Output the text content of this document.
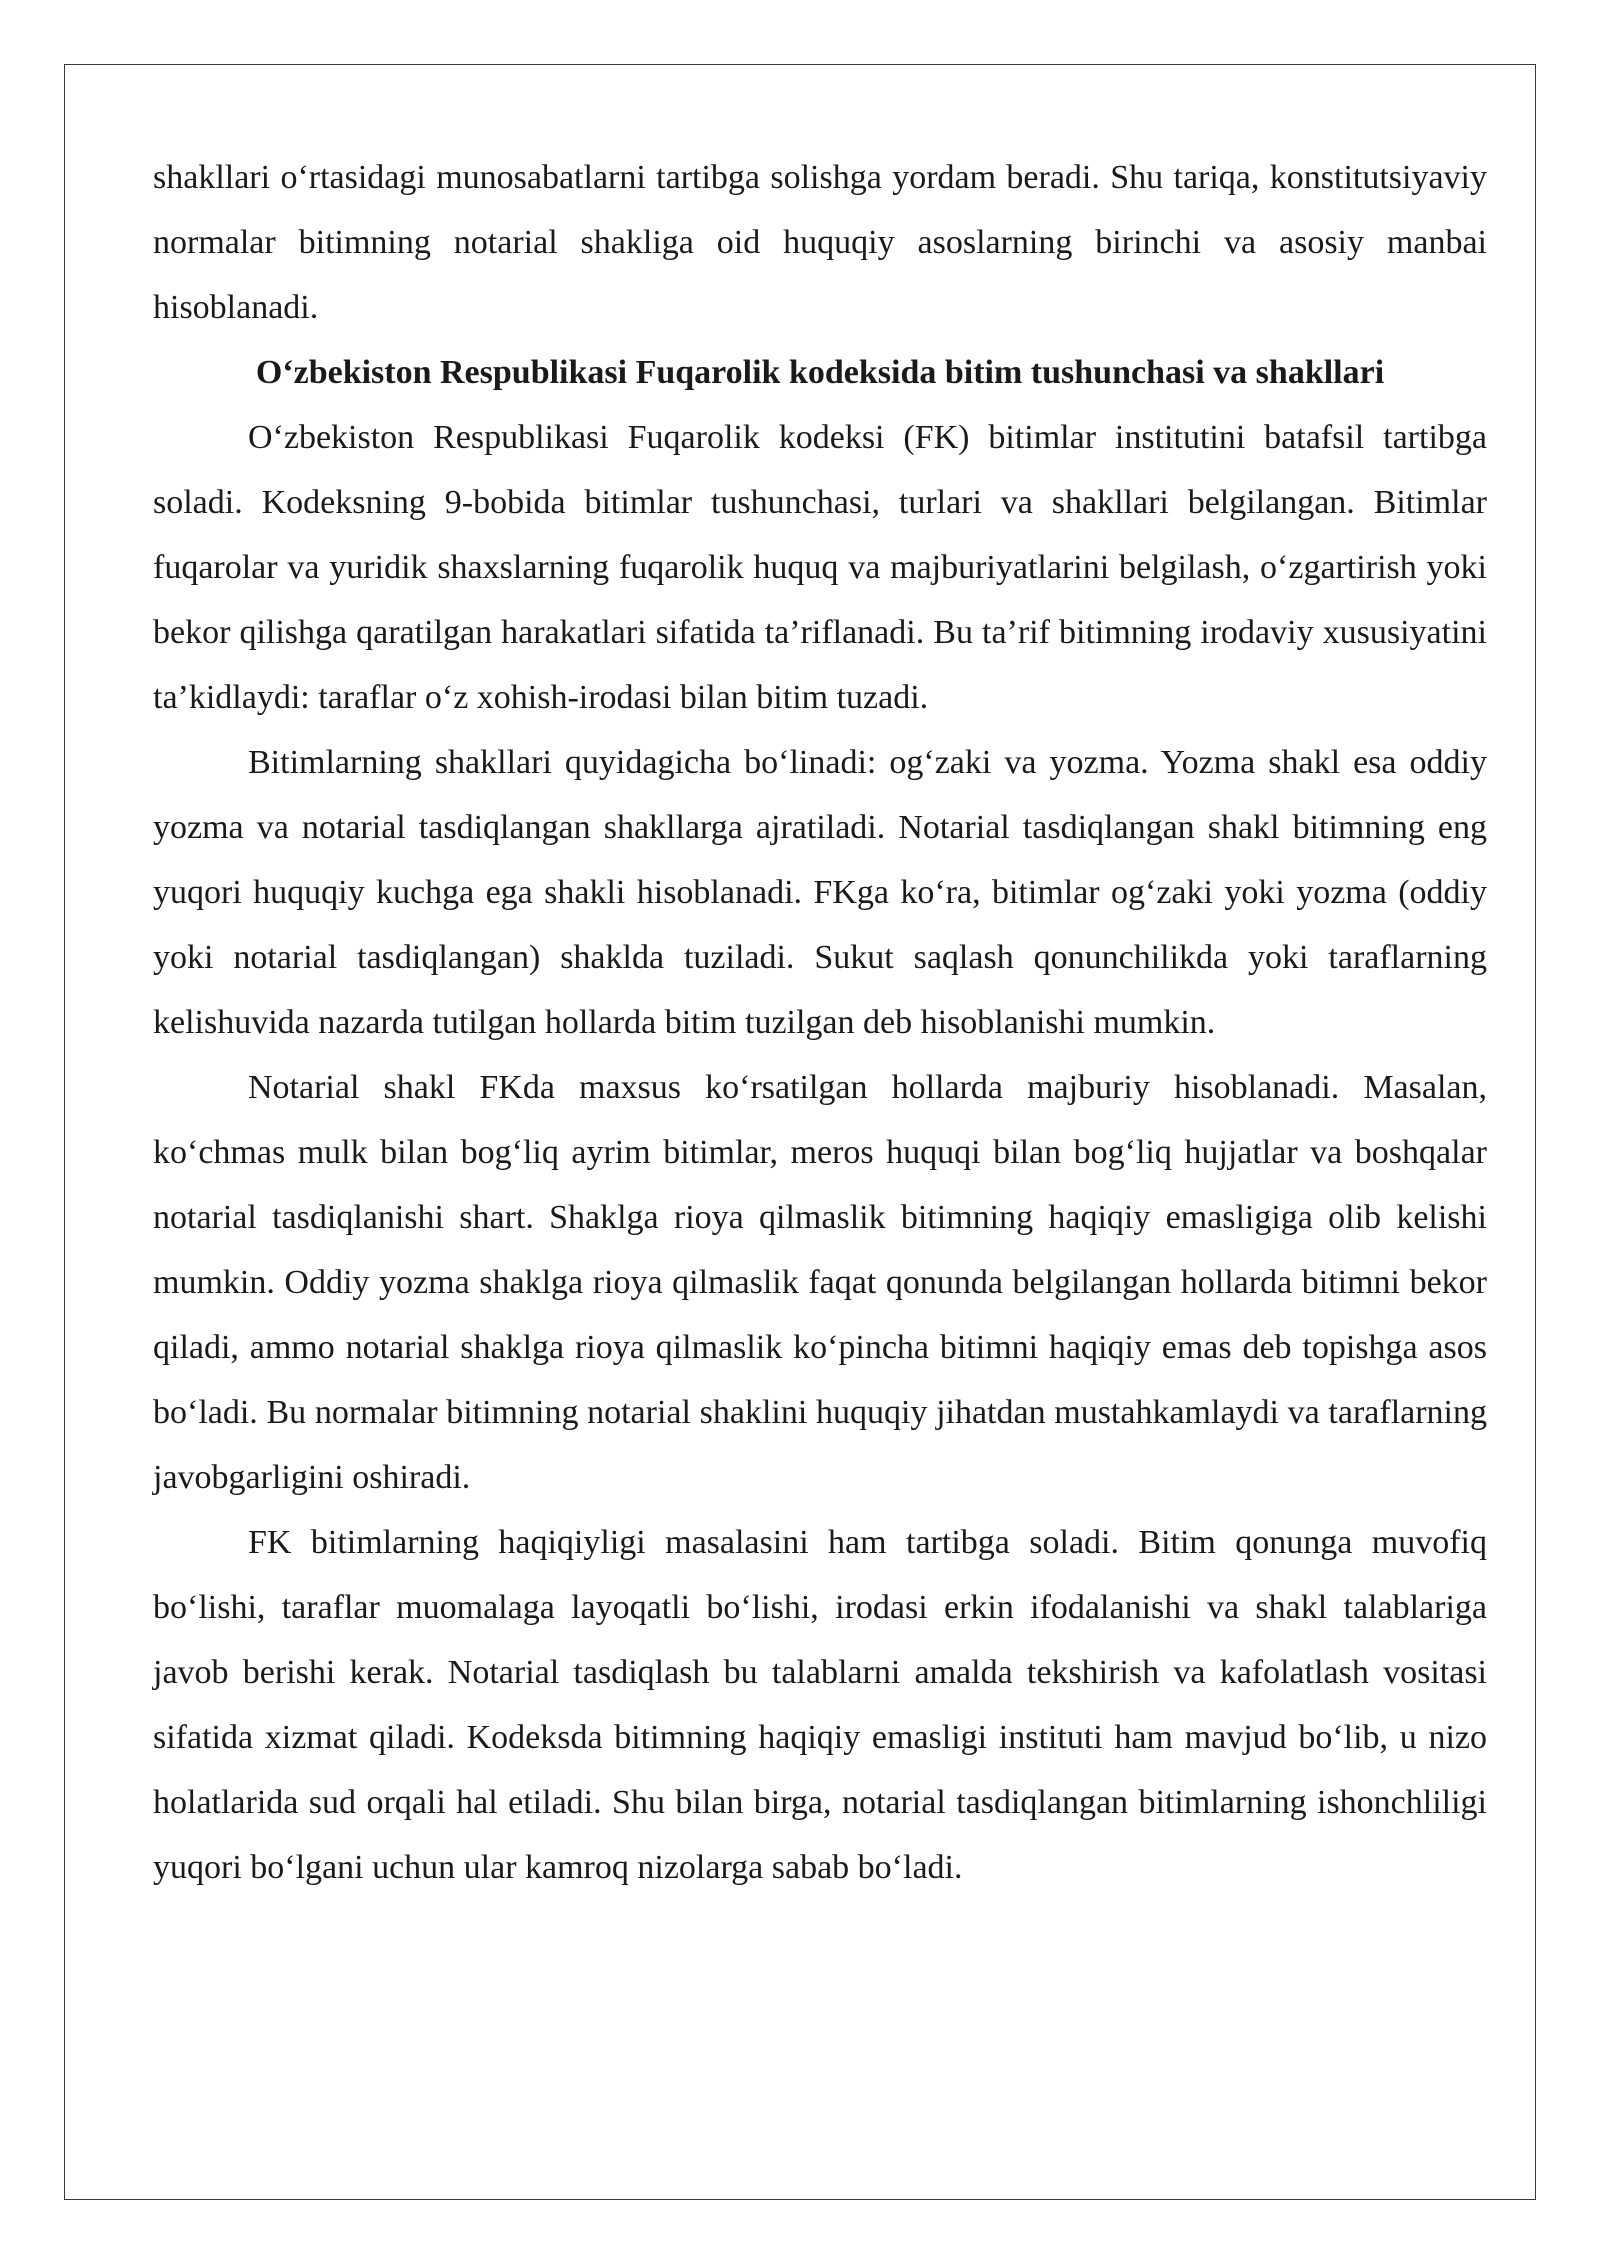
shakllari o‘rtasidagi munosabatlarni tartibga solishga yordam beradi. Shu tariqa, konstitutsiyaviy normalar bitimning notarial shakliga oid huquqiy asoslarning birinchi va asosiy manbai hisoblanadi.

O‘zbekiston Respublikasi Fuqarolik kodeksida bitim tushunchasi va shakllari

O‘zbekiston Respublikasi Fuqarolik kodeksi (FK) bitimlar institutini batafsil tartibga soladi. Kodeksning 9-bobida bitimlar tushunchasi, turlari va shakllari belgilangan. Bitimlar fuqarolar va yuridik shaxslarning fuqarolik huquq va majburiyatlarini belgilash, o‘zgartirish yoki bekor qilishga qaratilgan harakatlari sifatida ta’riflanadi. Bu ta’rif bitimning irodaviy xususiyatini ta’kidlaydi: taraflar o‘z xohish-irodasi bilan bitim tuzadi.

Bitimlarning shakllari quyidagicha bo‘linadi: og‘zaki va yozma. Yozma shakl esa oddiy yozma va notarial tasdiqlangan shakllarga ajratiladi. Notarial tasdiqlangan shakl bitimning eng yuqori huquqiy kuchga ega shakli hisoblanadi. FKga ko‘ra, bitimlar og‘zaki yoki yozma (oddiy yoki notarial tasdiqlangan) shaklda tuziladi. Sukut saqlash qonunchilikda yoki taraflarning kelishuvida nazarda tutilgan hollarda bitim tuzilgan deb hisoblanishi mumkin.

Notarial shakl FKda maxsus ko‘rsatilgan hollarda majburiy hisoblanadi. Masalan, ko‘chmas mulk bilan bog‘liq ayrim bitimlar, meros huquqi bilan bog‘liq hujjatlar va boshqalar notarial tasdiqlanishi shart. Shaklga rioya qilmaslik bitimning haqiqiy emasligiga olib kelishi mumkin. Oddiy yozma shaklga rioya qilmaslik faqat qonunda belgilangan hollarda bitimni bekor qiladi, ammo notarial shaklga rioya qilmaslik ko‘pincha bitimni haqiqiy emas deb topishga asos bo‘ladi. Bu normalar bitimning notarial shaklini huquqiy jihatdan mustahkamlaydi va taraflarning javobgarligini oshiradi.

FK bitimlarning haqiqiyligi masalasini ham tartibga soladi. Bitim qonunga muvofiq bo‘lishi, taraflar muomalaga layoqatli bo‘lishi, irodasi erkin ifodalanishi va shakl talablariga javob berishi kerak. Notarial tasdiqlash bu talablarni amalda tekshirish va kafolatlash vositasi sifatida xizmat qiladi. Kodeksda bitimning haqiqiy emasligi instituti ham mavjud bo‘lib, u nizo holatlarida sud orqali hal etiladi. Shu bilan birga, notarial tasdiqlangan bitimlarning ishonchliligi yuqori bo‘lgani uchun ular kamroq nizolarga sabab bo‘ladi.
